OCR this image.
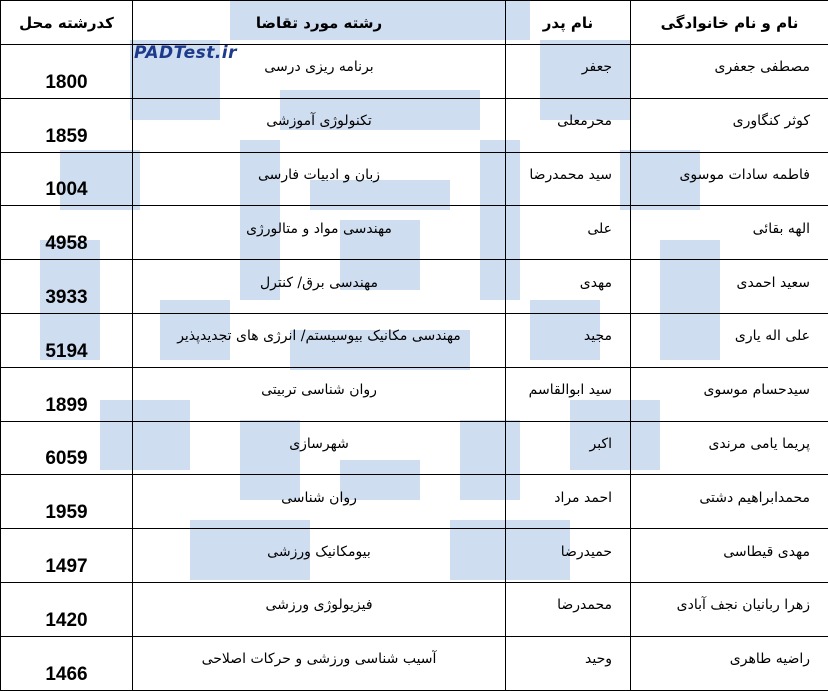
PADTest.ir
کدرشته محل	رشته مورد تقاضا	نام پدر	نام و نام خانوادگی
1800	برنامه ریزی درسی	جعفر	مصطفی جعفری
1859	تکنولوژی آموزشی	محرمعلی	کوثر کنگاوری
1004	زبان و ادبیات فارسی	سید محمدرضا	فاطمه سادات موسوی
4958	مهندسی مواد و متالورژی	علی	الهه بقائی
3933	مهندسی برق/ کنترل	مهدی	سعید احمدی
5194	مهندسی مکانیک بیوسیستم/ انرژی های تجدیدپذیر	مجید	علی اله یاری
1899	روان شناسی تربیتی	سید ابوالقاسم	سیدحسام موسوی
6059	شهرسازی	اکبر	پریما یامی مرندی
1959	روان شناسی	احمد مراد	محمدابراهیم دشتی
1497	بیومکانیک ورزشی	حمیدرضا	مهدی قیطاسی
1420	فیزیولوژی ورزشی	محمدرضا	زهرا ربانیان نجف آبادی
1466	آسیب شناسی ورزشی و حرکات اصلاحی	وحید	راضیه طاهری
